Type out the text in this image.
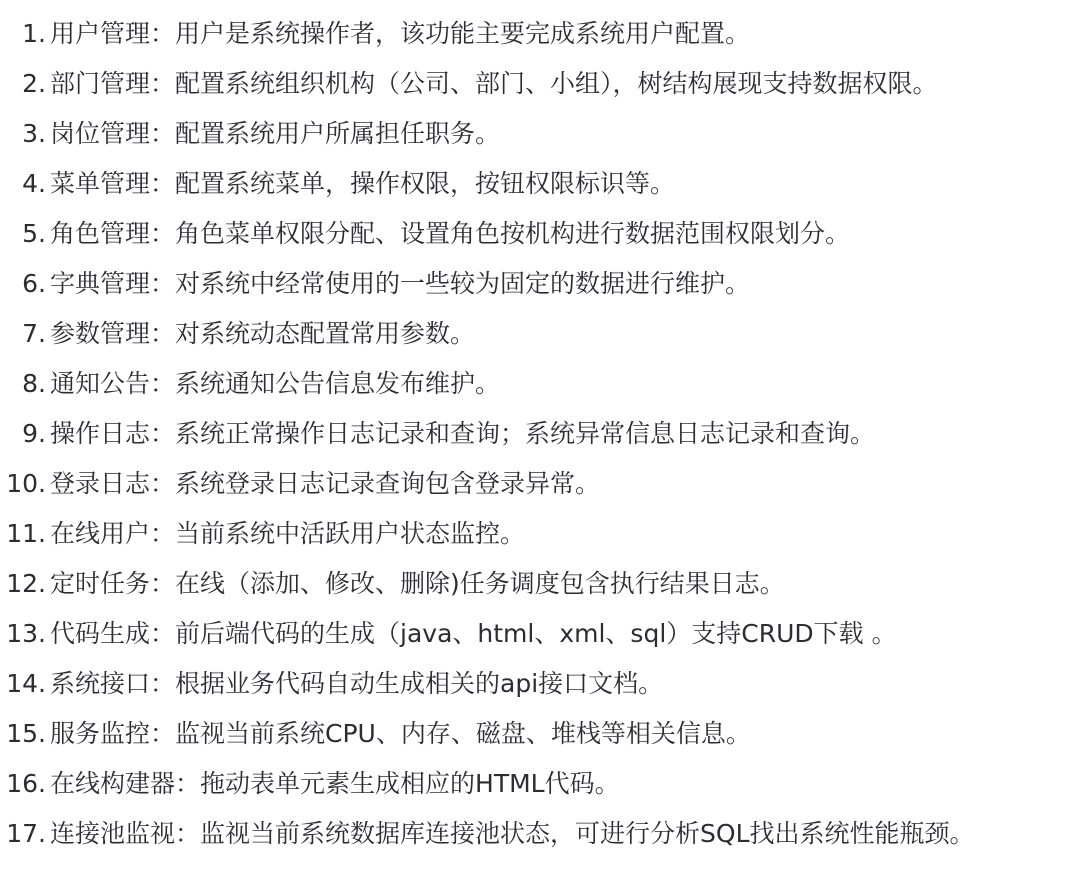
1. 用户管理： 用户是系统操作者，该功能主要完成系统用户配置。
2. 部门管理： 配置系统组织机构（公司、部门、小组），树结构展现支持数据权限。
3. 岗位管理： 配置系统用户所属担任职务。
4. 菜单管理： 配置系统菜单，操作权限，按钮权限标识等。
5. 角色管理： 角色菜单权限分配、设置角色按机构进行数据范围权限划分。
6. 字典管理： 对系统中经常使用的一些较为固定的数据进行维护。
7. 参数管理： 对系统动态配置常用参数。
8. 通知公告： 系统通知公告信息发布维护。
9. 操作日志： 系统正常操作日志记录和查询；系统异常信息日志记录和查询。
10. 登录日志： 系统登录日志记录查询包含登录异常。
11. 在线用户： 当前系统中活跃用户状态监控。
12. 定时任务： 在线（添加、修改、删除)任务调度包含执行结果日志。
13. 代码生成： 前后端代码的生成（java、html、xml、sql）支持CRUD下载 。
14. 系统接口： 根据业务代码自动生成相关的api接口文档。
15. 服务监控： 监视当前系统CPU、内存、磁盘、堆栈等相关信息。
16. 在线构建器： 拖动表单元素生成相应的HTML代码。
17. 连接池监视： 监视当前系统数据库连接池状态，可进行分析SQL找出系统性能瓶颈。
